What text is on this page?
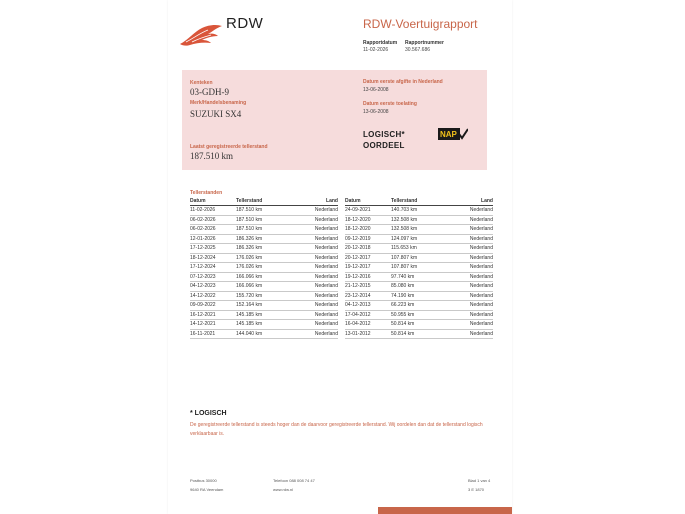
RDW	RDW-Voertuigrapport
Rapportdatum
11-02-2026
Rapportnummer
30.567.686
Kenteken
03-GDH-9
Merk/Handelsbenaming
SUZUKI SX4
Laatst geregistreerde tellerstand
187.510 km
Datum eerste afgifte in Nederland
13-06-2008
Datum eerste toelating
13-06-2008
LOGISCH*
OORDEEL
NAP
Tellerstanden
Datum	Tellerstand	Land
11-02-2026	187.510 km	Nederland
06-02-2026	187.510 km	Nederland
06-02-2026	187.510 km	Nederland
12-01-2026	186.326 km	Nederland
17-12-2025	186.326 km	Nederland
18-12-2024	176.026 km	Nederland
17-12-2024	176.026 km	Nederland
07-12-2023	166.066 km	Nederland
04-12-2023	166.066 km	Nederland
14-12-2022	155.720 km	Nederland
09-09-2022	152.164 km	Nederland
16-12-2021	145.185 km	Nederland
14-12-2021	145.185 km	Nederland
16-11-2021	144.040 km	Nederland
Datum	Tellerstand	Land
24-09-2021	140.703 km	Nederland
18-12-2020	132.508 km	Nederland
18-12-2020	132.508 km	Nederland
09-12-2019	124.097 km	Nederland
20-12-2018	115.653 km	Nederland
20-12-2017	107.807 km	Nederland
19-12-2017	107.807 km	Nederland
19-12-2016	97.740 km	Nederland
21-12-2015	85.080 km	Nederland
23-12-2014	74.190 km	Nederland
04-12-2013	66.223 km	Nederland
17-04-2012	50.955 km	Nederland
16-04-2012	50.814 km	Nederland
13-01-2012	50.814 km	Nederland
* LOGISCH
De geregistreerde tellerstand is steeds hoger dan de daarvoor geregistreerde tellerstand. Wij oordelen dan dat de tellerstand logisch verklaarbaar is.
Postbus 30000
9640 RA Veendam
Telefoon 088 008 74 47
www.rdw.nl
Blad 1 van 4
3 E 1870
